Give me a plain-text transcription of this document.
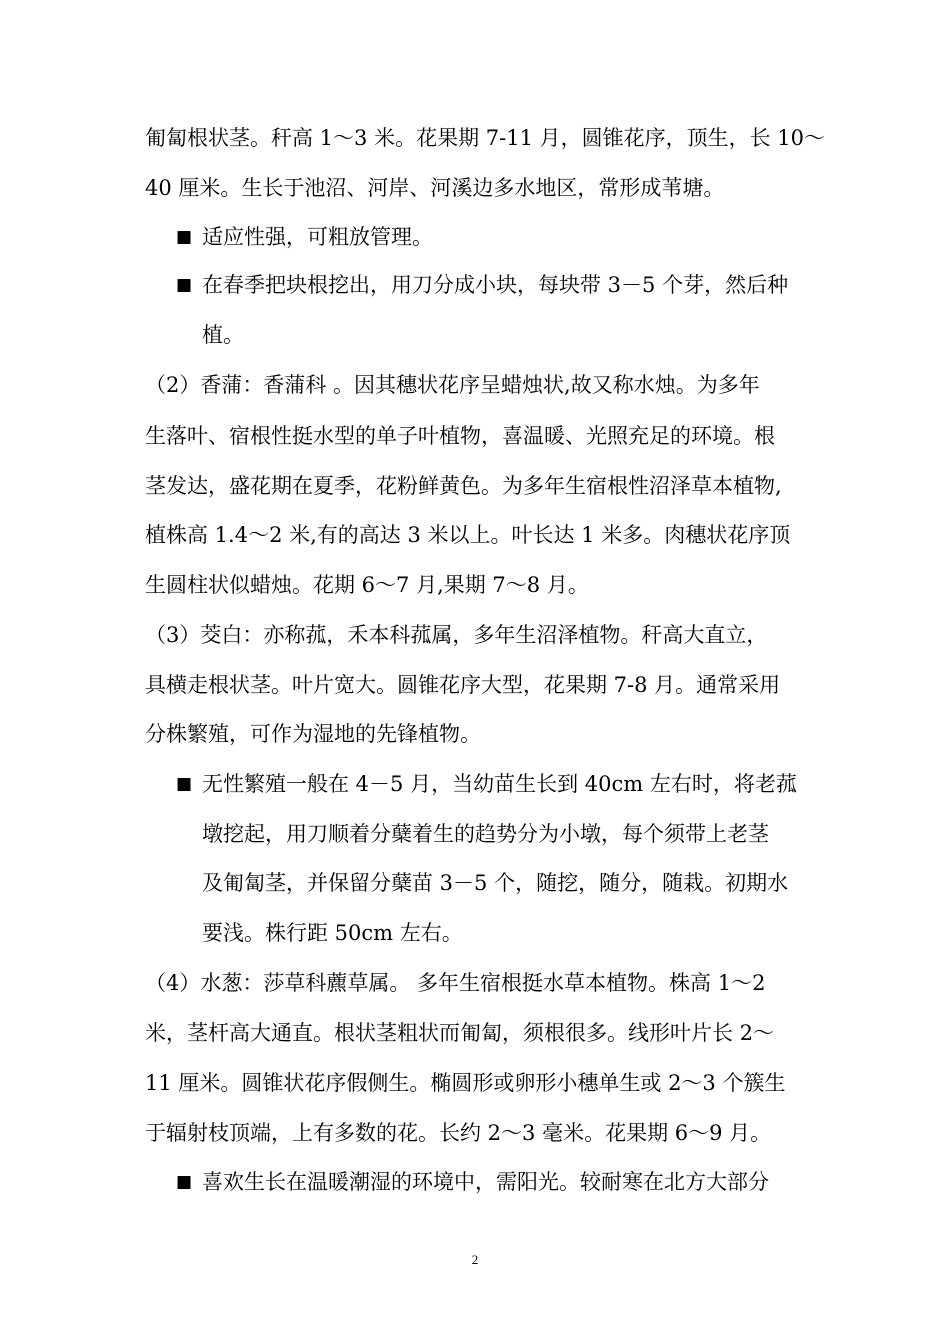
匍匐根状茎。秆高 1～3 米。花果期 7-11 月，圆锥花序，顶生，长 10～
40 厘米。生长于池沼、河岸、河溪边多水地区，常形成苇塘。
■ 适应性强，可粗放管理。
■ 在春季把块根挖出，用刀分成小块，每块带 3－5 个芽，然后种
植。
（2）香蒲：香蒲科 。因其穗状花序呈蜡烛状,故又称水烛。为多年
生落叶、宿根性挺水型的单子叶植物，喜温暖、光照充足的环境。根
茎发达，盛花期在夏季，花粉鲜黄色。为多年生宿根性沼泽草本植物,
植株高 1.4～2 米,有的高达 3 米以上。叶长达 1 米多。肉穗状花序顶
生圆柱状似蜡烛。花期 6～7 月,果期 7～8 月。
（3）茭白：亦称菰，禾本科菰属，多年生沼泽植物。秆高大直立，
具横走根状茎。叶片宽大。圆锥花序大型，花果期 7-8 月。通常采用
分株繁殖，可作为湿地的先锋植物。
■ 无性繁殖一般在 4－5 月，当幼苗生长到 40cm 左右时，将老菰
墩挖起，用刀顺着分蘖着生的趋势分为小墩，每个须带上老茎
及匍匐茎，并保留分蘖苗 3－5 个，随挖，随分，随栽。初期水
要浅。株行距 50cm 左右。
（4）水葱：莎草科藨草属。 多年生宿根挺水草本植物。株高 1～2
米，茎杆高大通直。根状茎粗状而匍匐，须根很多。线形叶片长 2～
11 厘米。圆锥状花序假侧生。椭圆形或卵形小穗单生或 2～3 个簇生
于辐射枝顶端，上有多数的花。长约 2～3 毫米。花果期 6～9 月。
■ 喜欢生长在温暖潮湿的环境中，需阳光。较耐寒在北方大部分
2
